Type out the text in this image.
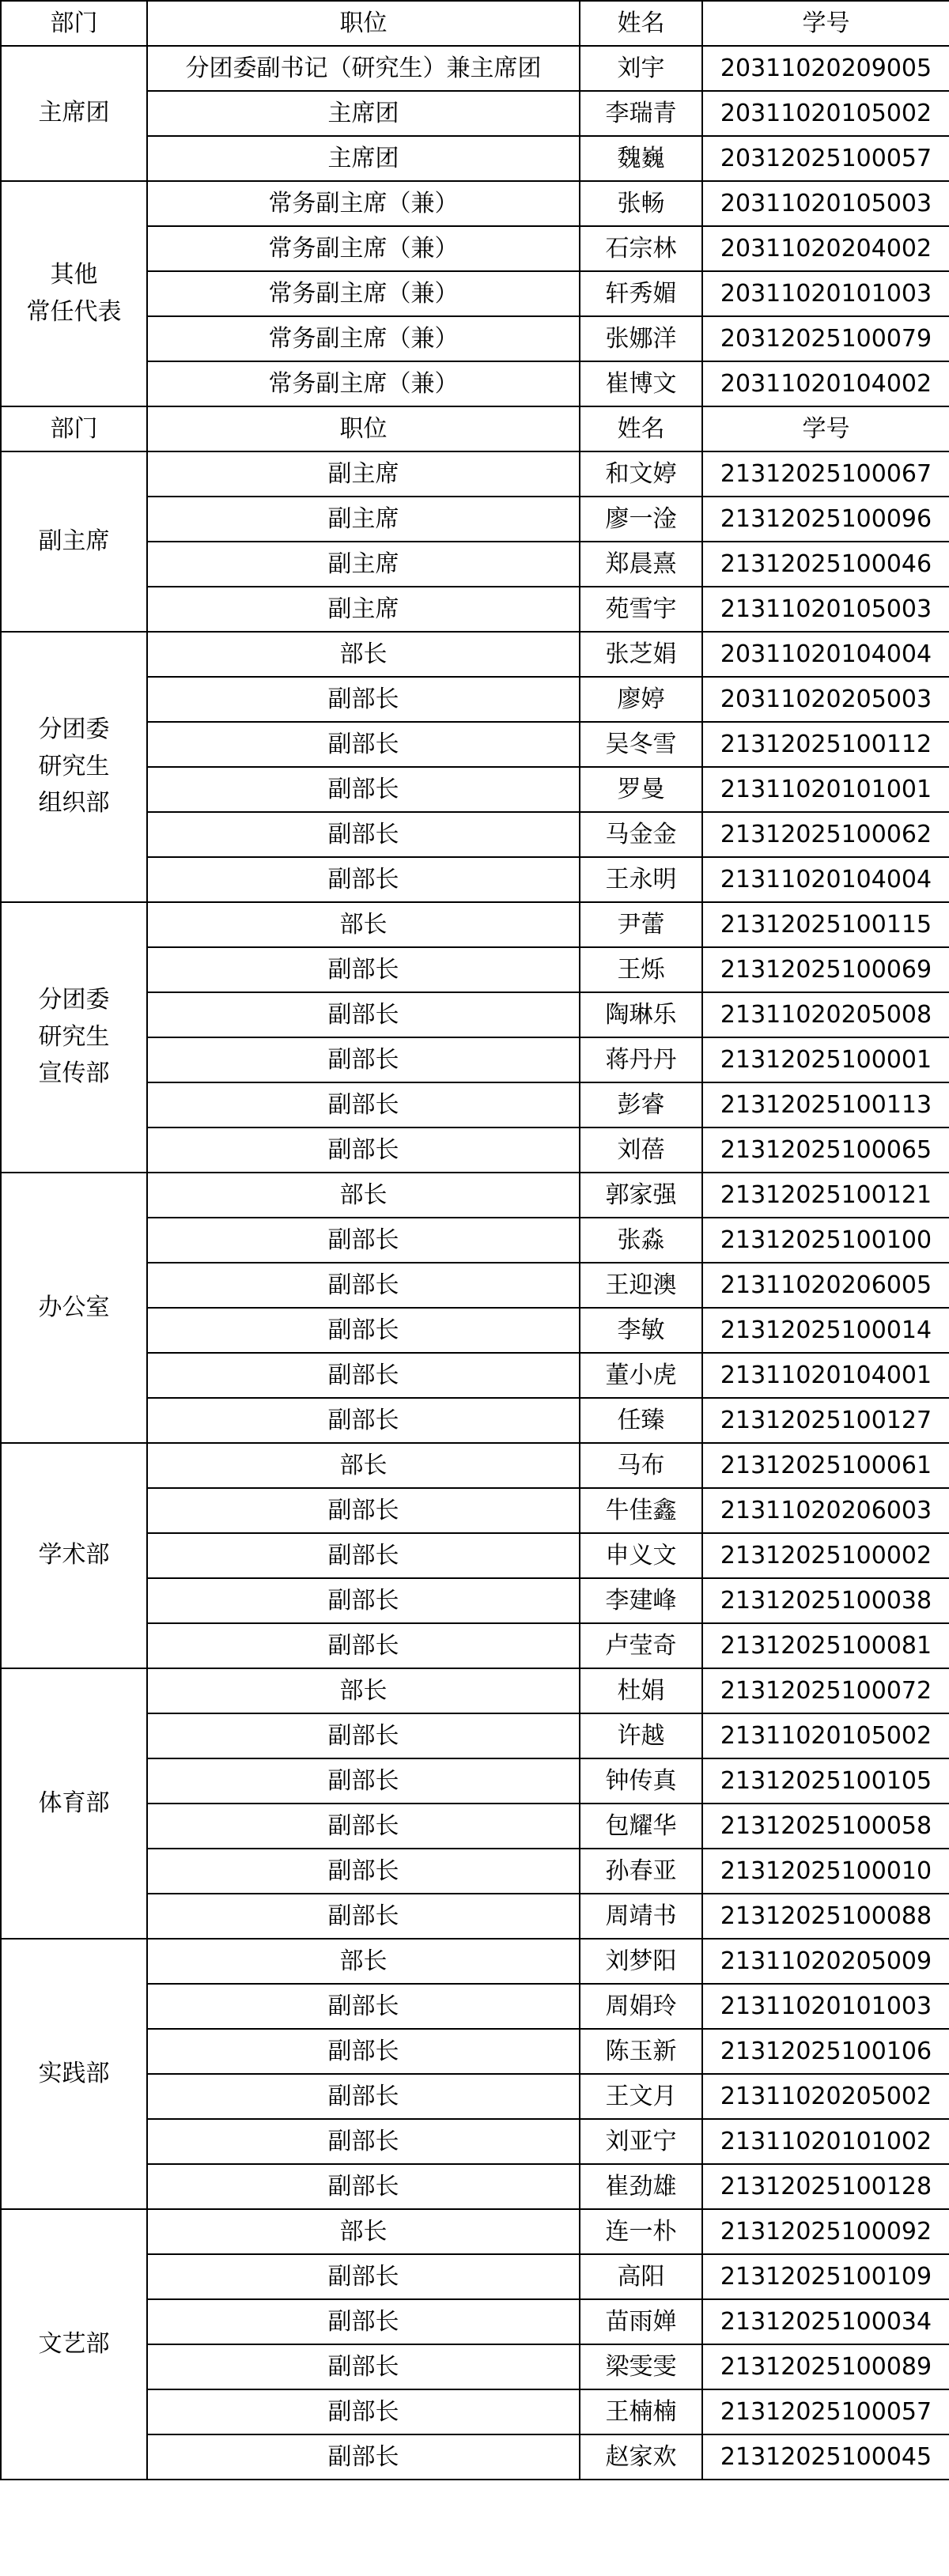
部门	职位	姓名	学号
主席团	分团委副书记（研究生）兼主席团	刘宇	20311020209005
	主席团	李瑞青	20311020105002
	主席团	魏巍	20312025100057
其他
常任代表	常务副主席（兼）	张畅	20311020105003
	常务副主席（兼）	石宗林	20311020204002
	常务副主席（兼）	轩秀媚	20311020101003
	常务副主席（兼）	张娜洋	20312025100079
	常务副主席（兼）	崔博文	20311020104002
部门	职位	姓名	学号
副主席	副主席	和文婷	21312025100067
	副主席	廖一淦	21312025100096
	副主席	郑晨熹	21312025100046
	副主席	苑雪宇	21311020105003
分团委
研究生
组织部	部长	张芝娟	20311020104004
	副部长	廖婷	20311020205003
	副部长	吴冬雪	21312025100112
	副部长	罗曼	21311020101001
	副部长	马金金	21312025100062
	副部长	王永明	21311020104004
分团委
研究生
宣传部	部长	尹蕾	21312025100115
	副部长	王烁	21312025100069
	副部长	陶琳乐	21311020205008
	副部长	蒋丹丹	21312025100001
	副部长	彭睿	21312025100113
	副部长	刘蓓	21312025100065
办公室	部长	郭家强	21312025100121
	副部长	张淼	21312025100100
	副部长	王迎澳	21311020206005
	副部长	李敏	21312025100014
	副部长	董小虎	21311020104001
	副部长	任臻	21312025100127
学术部	部长	马布	21312025100061
	副部长	牛佳鑫	21311020206003
	副部长	申义文	21312025100002
	副部长	李建峰	21312025100038
	副部长	卢莹奇	21312025100081
体育部	部长	杜娟	21312025100072
	副部长	许越	21311020105002
	副部长	钟传真	21312025100105
	副部长	包耀华	21312025100058
	副部长	孙春亚	21312025100010
	副部长	周靖书	21312025100088
实践部	部长	刘梦阳	21311020205009
	副部长	周娟玲	21311020101003
	副部长	陈玉新	21312025100106
	副部长	王文月	21311020205002
	副部长	刘亚宁	21311020101002
	副部长	崔劲雄	21312025100128
文艺部	部长	连一朴	21312025100092
	副部长	高阳	21312025100109
	副部长	苗雨婵	21312025100034
	副部长	梁雯雯	21312025100089
	副部长	王楠楠	21312025100057
	副部长	赵家欢	21312025100045
